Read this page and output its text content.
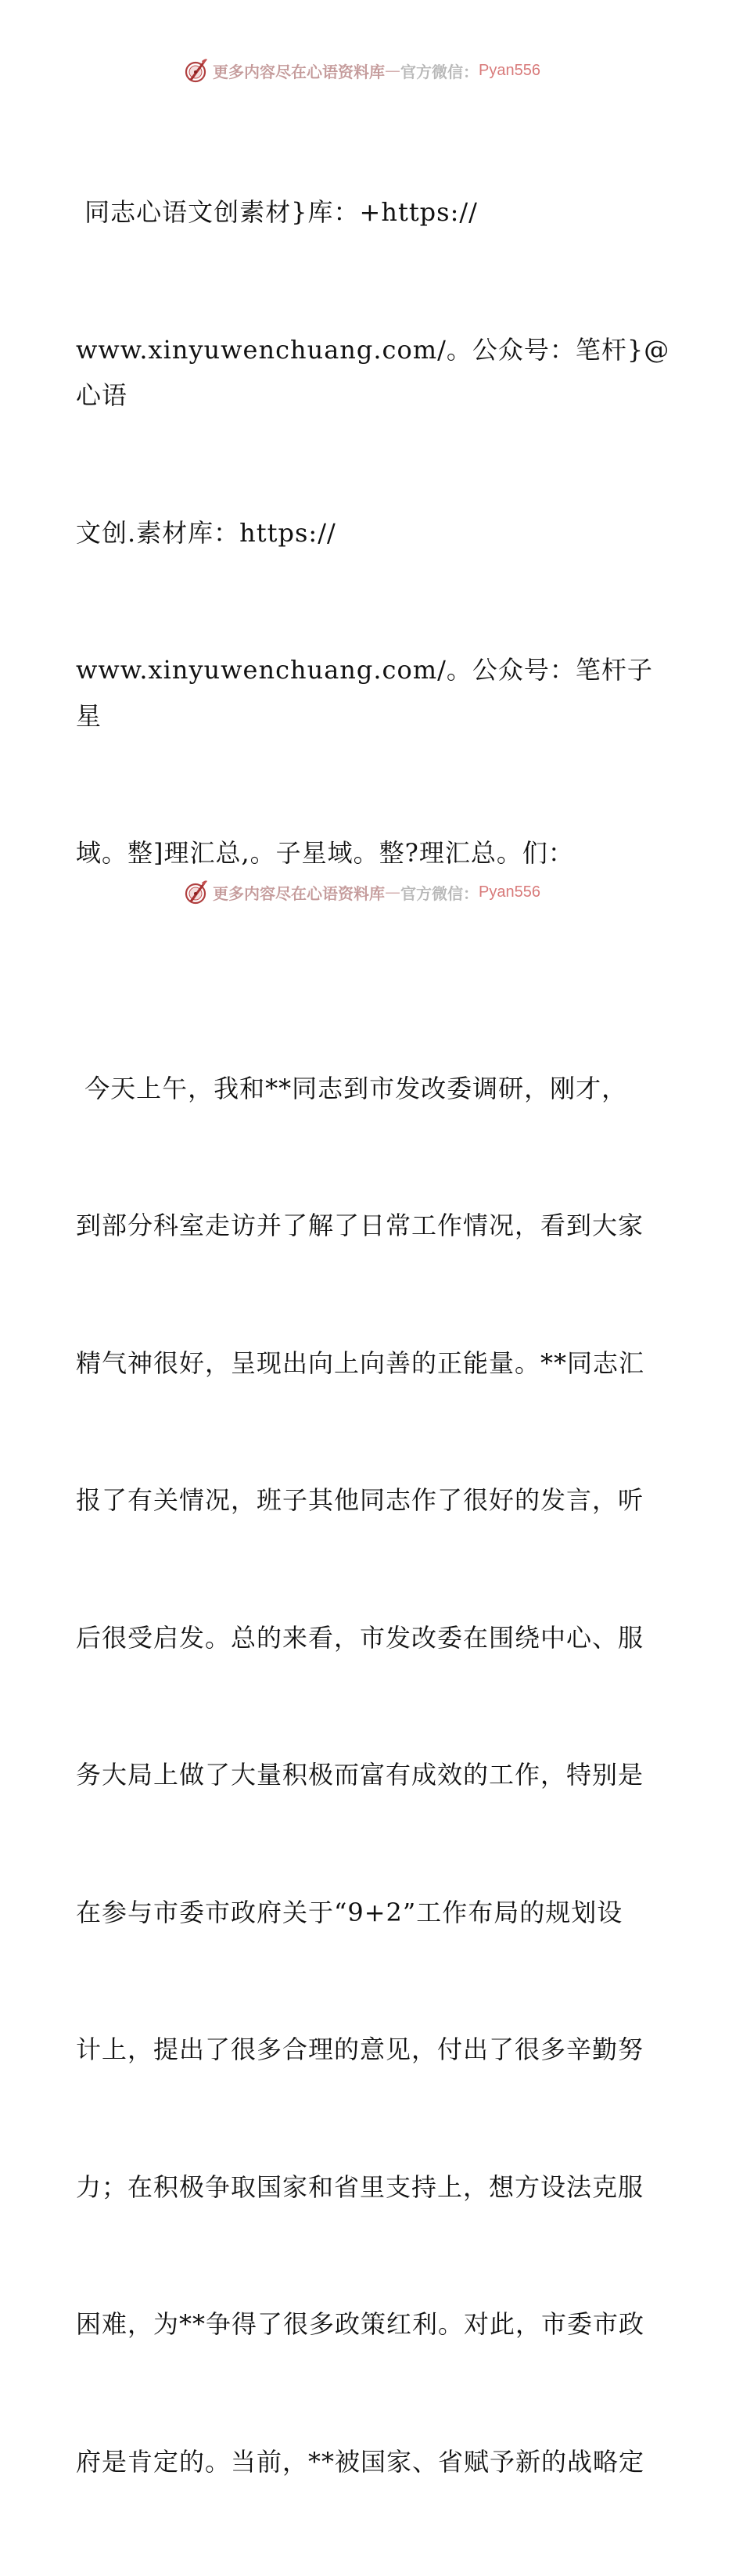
更多内容尽在心语资料库 — 官方微信： Pyan556

同志心语文创素材}库：+https://

www.xinyuwenchuang.com/。公众号：笔杆}@心语

文创.素材库：https://

www.xinyuwenchuang.com/。公众号：笔杆子星

域。整]理汇总,。子星域。整?理汇总。们：

今天上午，我和**同志到市发改委调研，刚才，

到部分科室走访并了解了日常工作情况，看到大家

精气神很好，呈现出向上向善的正能量。**同志汇

报了有关情况，班子其他同志作了很好的发言，听

后很受启发。总的来看，市发改委在围绕中心、服

务大局上做了大量积极而富有成效的工作，特别是

在参与市委市政府关于“9+2”工作布局的规划设

计上，提出了很多合理的意见，付出了很多辛勤努

力；在积极争取国家和省里支持上，想方设法克服

困难，为**争得了很多政策红利。对此，市委市政

府是肯定的。当前，**被国家、省赋予新的战略定

更多内容尽在心语资料库 — 官方微信： Pyan556
